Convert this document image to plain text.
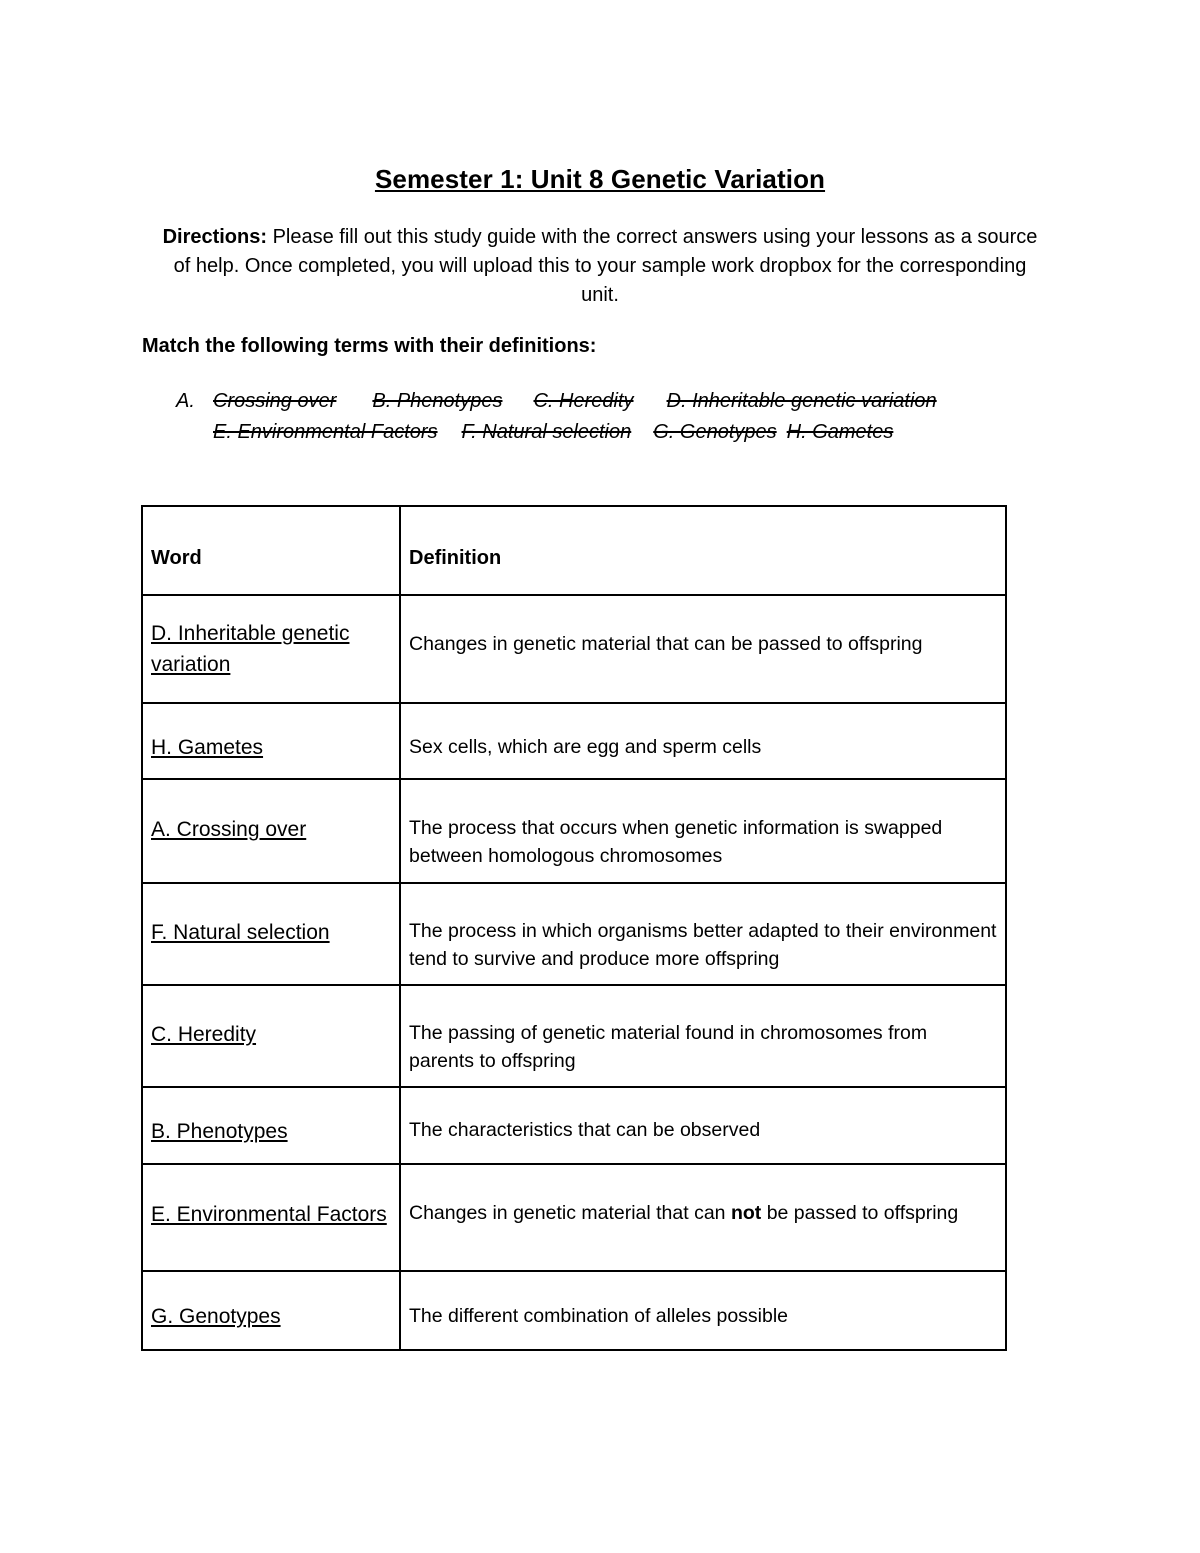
Semester 1: Unit 8 Genetic Variation
Directions: Please fill out this study guide with the correct answers using your lessons as a source of help. Once completed, you will upload this to your sample work dropbox for the corresponding unit.
Match the following terms with their definitions:
A. Crossing over B. Phenotypes C. Heredity D. Inheritable genetic variation
E. Environmental Factors F. Natural selection G. Genotypes H. Gametes
Word	Definition
D. Inheritable genetic variation	Changes in genetic material that can be passed to offspring
H. Gametes	Sex cells, which are egg and sperm cells
A. Crossing over	The process that occurs when genetic information is swapped between homologous chromosomes
F. Natural selection	The process in which organisms better adapted to their environment tend to survive and produce more offspring
C. Heredity	The passing of genetic material found in chromosomes from parents to offspring
B. Phenotypes	The characteristics that can be observed
E. Environmental Factors	Changes in genetic material that can not be passed to offspring
G. Genotypes	The different combination of alleles possible
